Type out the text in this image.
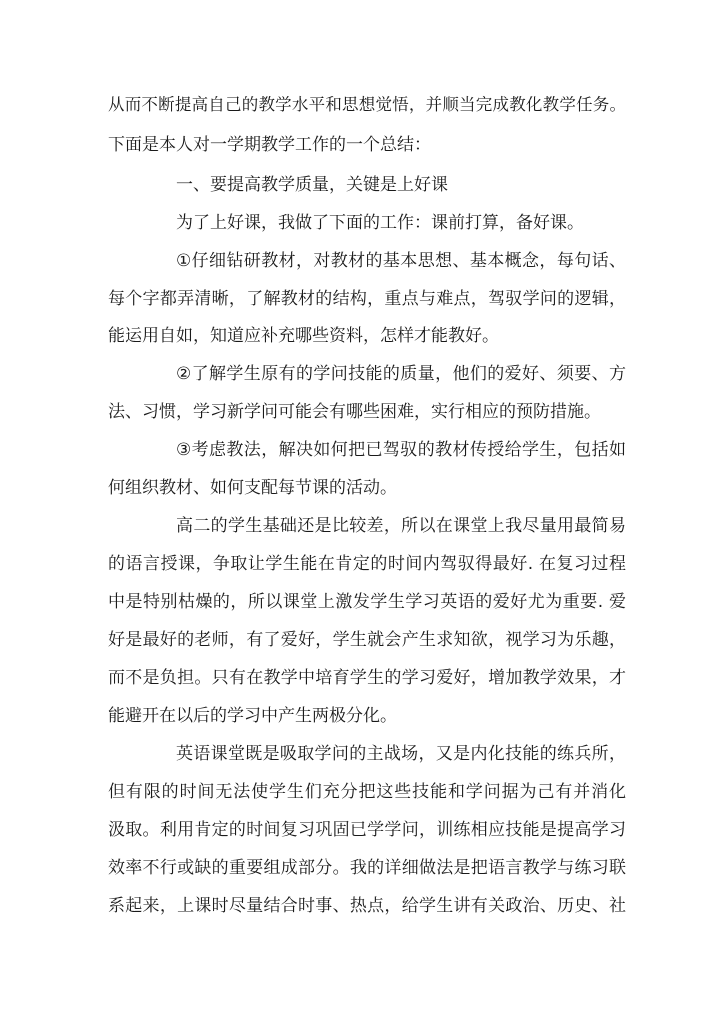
从而不断提高自己的教学水平和思想觉悟，并顺当完成教化教学任务。
下面是本人对一学期教学工作的一个总结：
一、要提高教学质量，关键是上好课
为了上好课，我做了下面的工作：课前打算，备好课。
①仔细钻研教材，对教材的基本思想、基本概念，每句话、
每个字都弄清晰，了解教材的结构，重点与难点，驾驭学问的逻辑，
能运用自如，知道应补充哪些资料，怎样才能教好。
②了解学生原有的学问技能的质量，他们的爱好、须要、方
法、习惯，学习新学问可能会有哪些困难，实行相应的预防措施。
③考虑教法，解决如何把已驾驭的教材传授给学生，包括如
何组织教材、如何支配每节课的活动。
高二的学生基础还是比较差，所以在课堂上我尽量用最简易
的语言授课，争取让学生能在肯定的时间内驾驭得最好. 在复习过程
中是特别枯燥的，所以课堂上激发学生学习英语的爱好尤为重要. 爱
好是最好的老师，有了爱好，学生就会产生求知欲，视学习为乐趣，
而不是负担。只有在教学中培育学生的学习爱好，增加教学效果，才
能避开在以后的学习中产生两极分化。
英语课堂既是吸取学问的主战场，又是内化技能的练兵所，
但有限的时间无法使学生们充分把这些技能和学问据为己有并消化
汲取。利用肯定的时间复习巩固已学学问，训练相应技能是提高学习
效率不行或缺的重要组成部分。我的详细做法是把语言教学与练习联
系起来，上课时尽量结合时事、热点，给学生讲有关政治、历史、社
